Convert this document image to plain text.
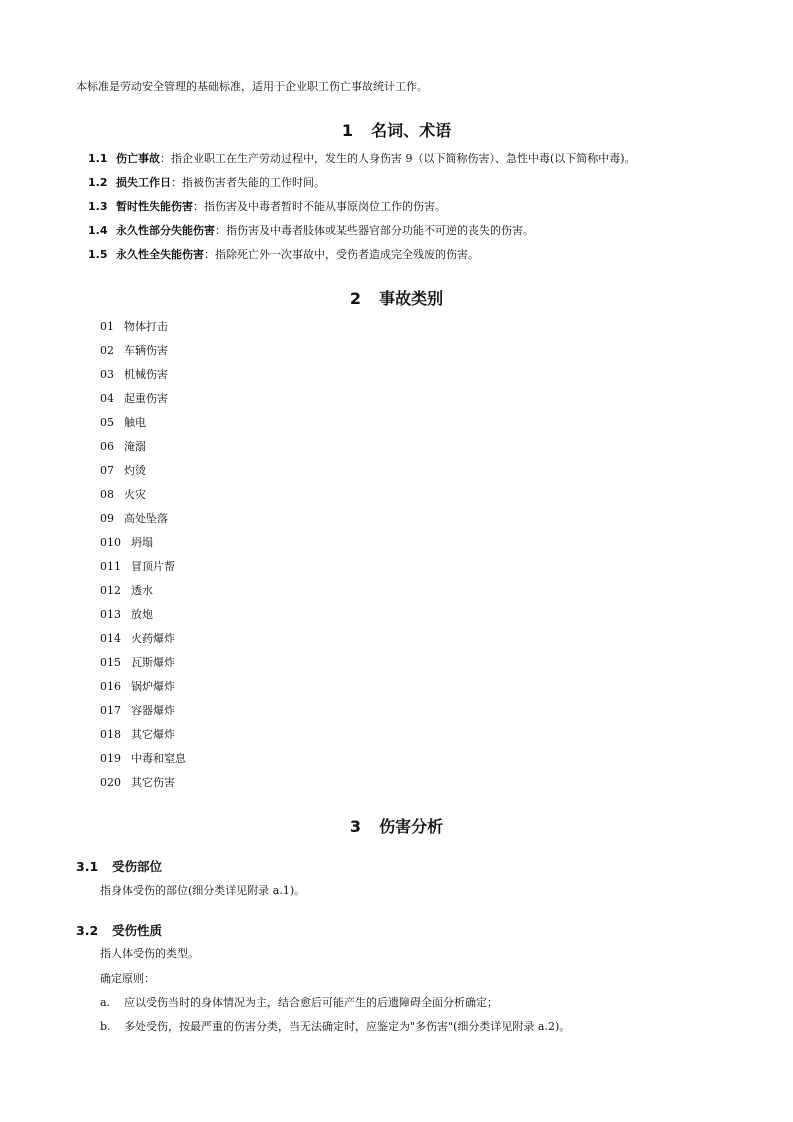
本标准是劳动安全管理的基础标准，适用于企业职工伤亡事故统计工作。
1 名词、术语
1.1 伤亡事故：指企业职工在生产劳动过程中，发生的人身伤害 9（以下简称伤害）、急性中毒(以下简称中毒)。
1.2 损失工作日：指被伤害者失能的工作时间。
1.3 暂时性失能伤害：指伤害及中毒者暂时不能从事原岗位工作的伤害。
1.4 永久性部分失能伤害：指伤害及中毒者肢体或某些器官部分功能不可逆的丧失的伤害。
1.5 永久性全失能伤害：指除死亡外一次事故中，受伤者造成完全残废的伤害。
2 事故类别
01 物体打击
02 车辆伤害
03 机械伤害
04 起重伤害
05 触电
06 淹溺
07 灼烫
08 火灾
09 高处坠落
010 坍塌
011 冒顶片帮
012 透水
013 放炮
014 火药爆炸
015 瓦斯爆炸
016 锅炉爆炸
017 容器爆炸
018 其它爆炸
019 中毒和窒息
020 其它伤害
3 伤害分析
3.1 受伤部位
指身体受伤的部位(细分类详见附录 a.1)。
3.2 受伤性质
指人体受伤的类型。
确定原则：
a. 应以受伤当时的身体情况为主，结合愈后可能产生的后遗障碍全面分析确定；
b. 多处受伤，按最严重的伤害分类，当无法确定时，应鉴定为"多伤害"(细分类详见附录 a.2)。
